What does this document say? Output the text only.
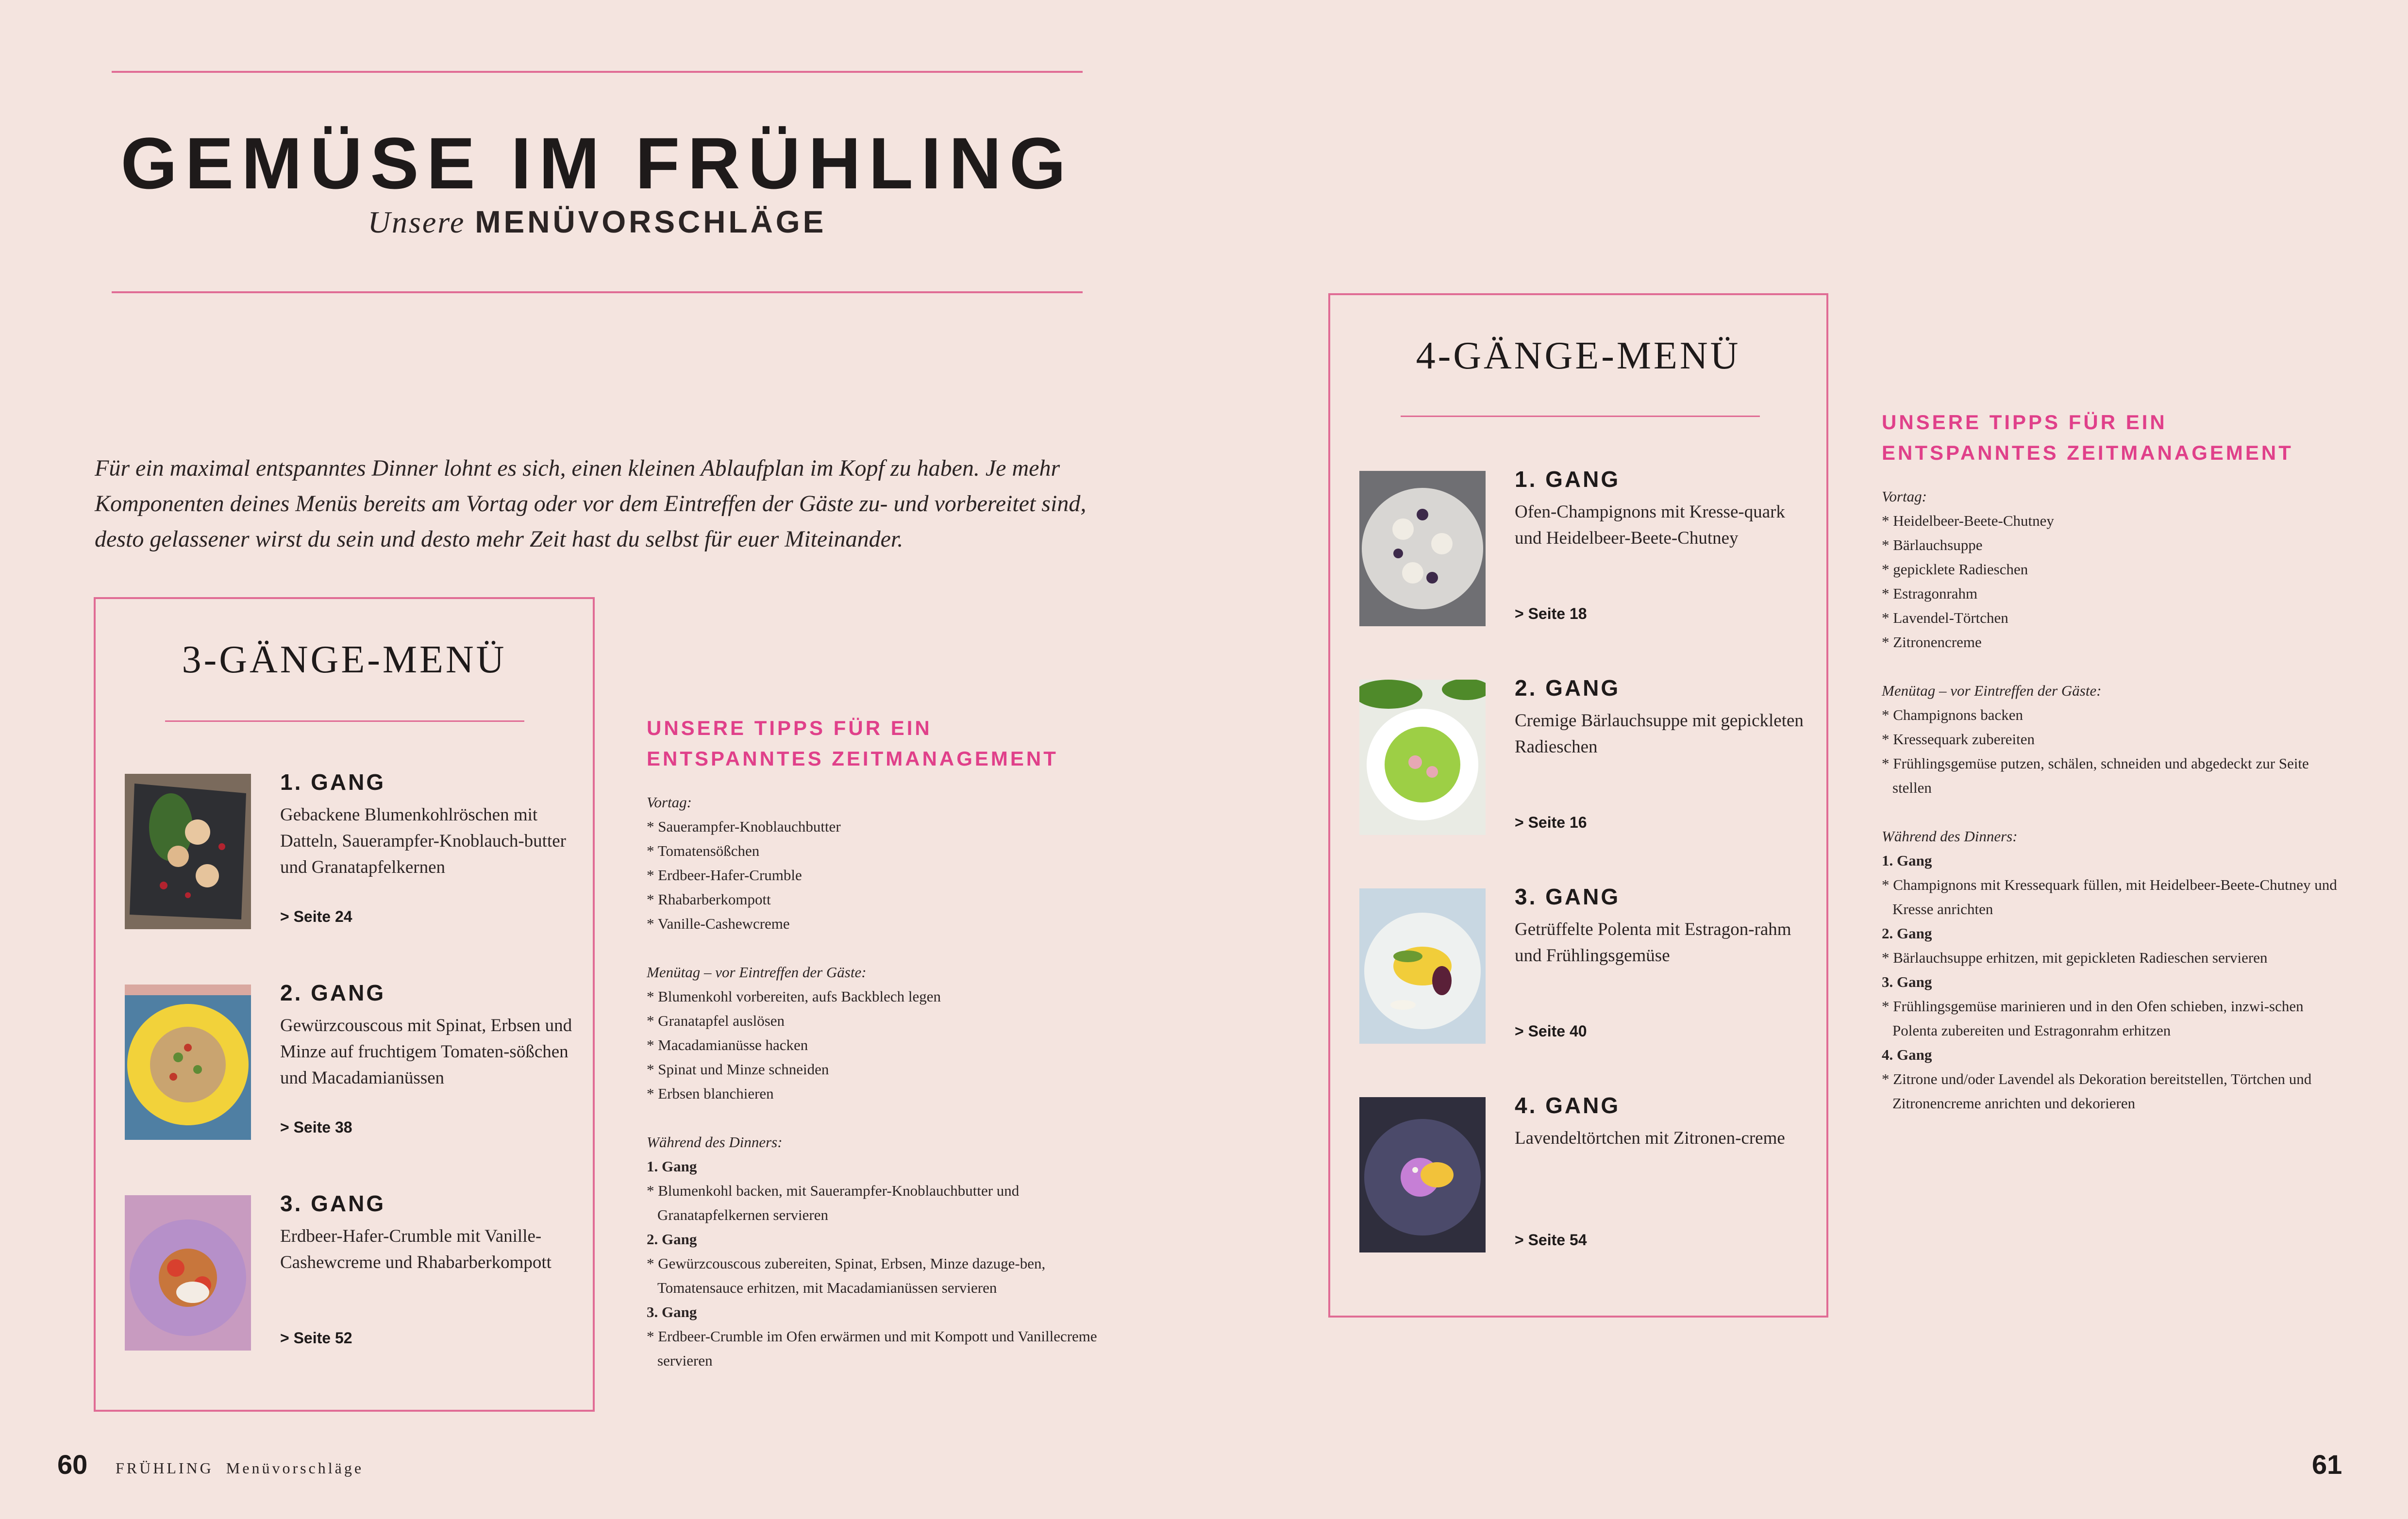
GEMÜSE IM FRÜHLING
Unsere MENÜVORSCHLÄGE
Für ein maximal entspanntes Dinner lohnt es sich, einen kleinen Ablaufplan im Kopf zu haben. Je mehr Komponenten deines Menüs bereits am Vortag oder vor dem Eintreffen der Gäste zu- und vorbereitet sind, desto gelassener wirst du sein und desto mehr Zeit hast du selbst für euer Miteinander.
3-GÄNGE-MENÜ
1. GANG
Gebackene Blumenkohlröschen mit Datteln, Sauerampfer-Knoblauch-butter und Granatapfelkernen
> Seite 24
2. GANG
Gewürzcouscous mit Spinat, Erbsen und Minze auf fruchtigem Tomaten-sößchen und Macadamianüssen
> Seite 38
3. GANG
Erdbeer-Hafer-Crumble mit Vanille-Cashewcreme und Rhabarberkompott
> Seite 52
UNSERE TIPPS FÜR EIN
ENTSPANNTES ZEITMANAGEMENT
Vortag:
* Sauerampfer-Knoblauchbutter
* Tomatensößchen
* Erdbeer-Hafer-Crumble
* Rhabarberkompott
* Vanille-Cashewcreme
Menütag – vor Eintreffen der Gäste:
* Blumenkohl vorbereiten, aufs Backblech legen
* Granatapfel auslösen
* Macadamianüsse hacken
* Spinat und Minze schneiden
* Erbsen blanchieren
Während des Dinners:
1. Gang
* Blumenkohl backen, mit Sauerampfer-Knoblauchbutter und Granatapfelkernen servieren
2. Gang
* Gewürzcouscous zubereiten, Spinat, Erbsen, Minze dazuge-ben, Tomatensauce erhitzen, mit Macadamianüssen servieren
3. Gang
* Erdbeer-Crumble im Ofen erwärmen und mit Kompott und Vanillecreme servieren
4-GÄNGE-MENÜ
1. GANG
Ofen-Champignons mit Kresse-quark und Heidelbeer-Beete-Chutney
> Seite 18
2. GANG
Cremige Bärlauchsuppe mit gepickleten Radieschen
> Seite 16
3. GANG
Getrüffelte Polenta mit Estragon-rahm und Frühlingsgemüse
> Seite 40
4. GANG
Lavendeltörtchen mit Zitronen-creme
> Seite 54
UNSERE TIPPS FÜR EIN
ENTSPANNTES ZEITMANAGEMENT
Vortag:
* Heidelbeer-Beete-Chutney
* Bärlauchsuppe
* gepicklete Radieschen
* Estragonrahm
* Lavendel-Törtchen
* Zitronencreme
Menütag – vor Eintreffen der Gäste:
* Champignons backen
* Kressequark zubereiten
* Frühlingsgemüse putzen, schälen, schneiden und abgedeckt zur Seite stellen
Während des Dinners:
1. Gang
* Champignons mit Kressequark füllen, mit Heidelbeer-Beete-Chutney und Kresse anrichten
2. Gang
* Bärlauchsuppe erhitzen, mit gepickleten Radieschen servieren
3. Gang
* Frühlingsgemüse marinieren und in den Ofen schieben, inzwi-schen Polenta zubereiten und Estragonrahm erhitzen
4. Gang
* Zitrone und/oder Lavendel als Dekoration bereitstellen, Törtchen und Zitronencreme anrichten und dekorieren
60 FRÜHLING Menüvorschläge	61
